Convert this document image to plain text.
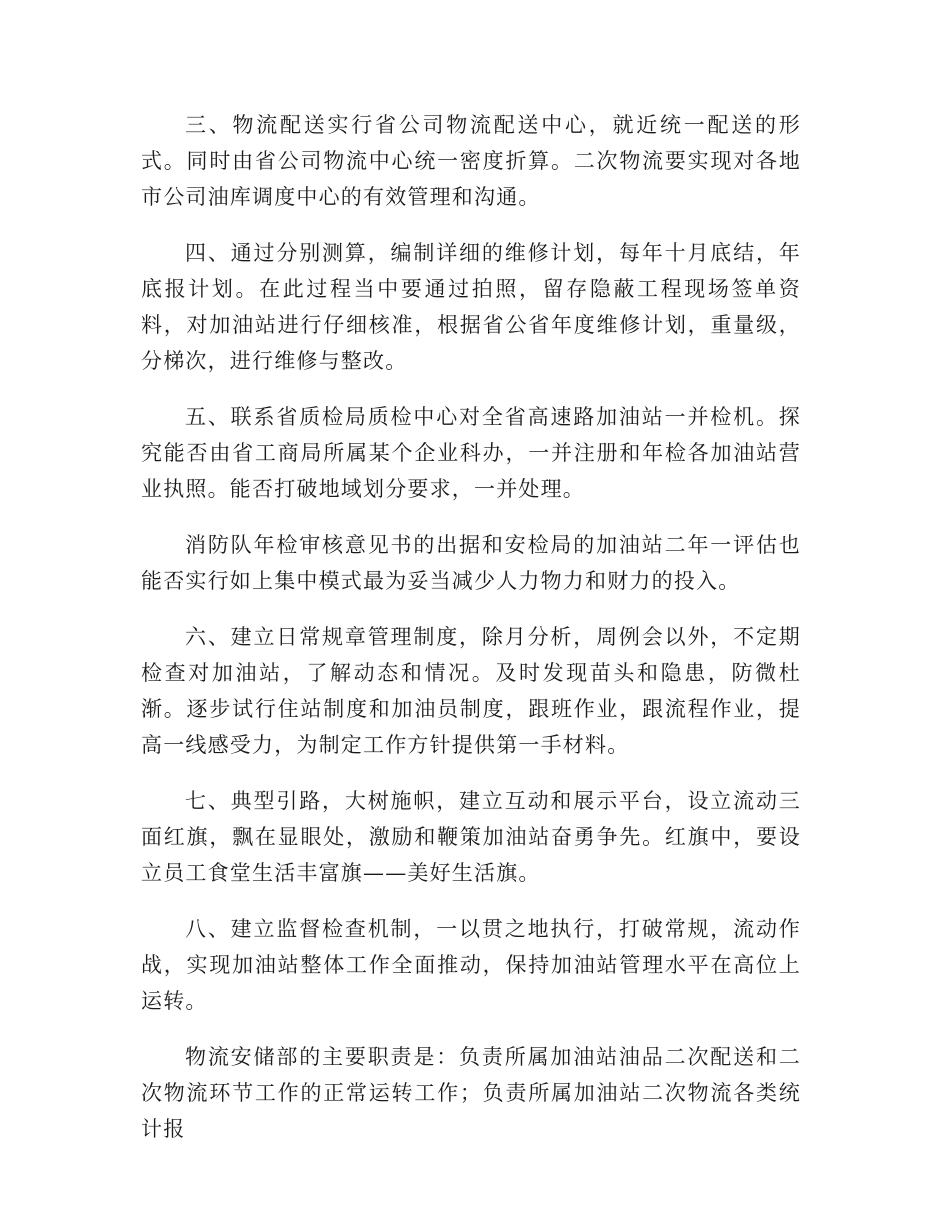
三、物流配送实行省公司物流配送中心，就近统一配送的形式。同时由省公司物流中心统一密度折算。二次物流要实现对各地市公司油库调度中心的有效管理和沟通。

四、通过分别测算，编制详细的维修计划，每年十月底结，年底报计划。在此过程当中要通过拍照，留存隐蔽工程现场签单资料，对加油站进行仔细核准，根据省公省年度维修计划，重量级，分梯次，进行维修与整改。

五、联系省质检局质检中心对全省高速路加油站一并检机。探究能否由省工商局所属某个企业科办，一并注册和年检各加油站营业执照。能否打破地域划分要求，一并处理。

消防队年检审核意见书的出据和安检局的加油站二年一评估也能否实行如上集中模式最为妥当减少人力物力和财力的投入。

六、建立日常规章管理制度，除月分析，周例会以外，不定期检查对加油站，了解动态和情况。及时发现苗头和隐患，防微杜渐。逐步试行住站制度和加油员制度，跟班作业，跟流程作业，提高一线感受力，为制定工作方针提供第一手材料。

七、典型引路，大树施帜，建立互动和展示平台，设立流动三面红旗，飘在显眼处，激励和鞭策加油站奋勇争先。红旗中，要设立员工食堂生活丰富旗——美好生活旗。

八、建立监督检查机制，一以贯之地执行，打破常规，流动作战，实现加油站整体工作全面推动，保持加油站管理水平在高位上运转。

物流安储部的主要职责是：负责所属加油站油品二次配送和二次物流环节工作的正常运转工作；负责所属加油站二次物流各类统计报
